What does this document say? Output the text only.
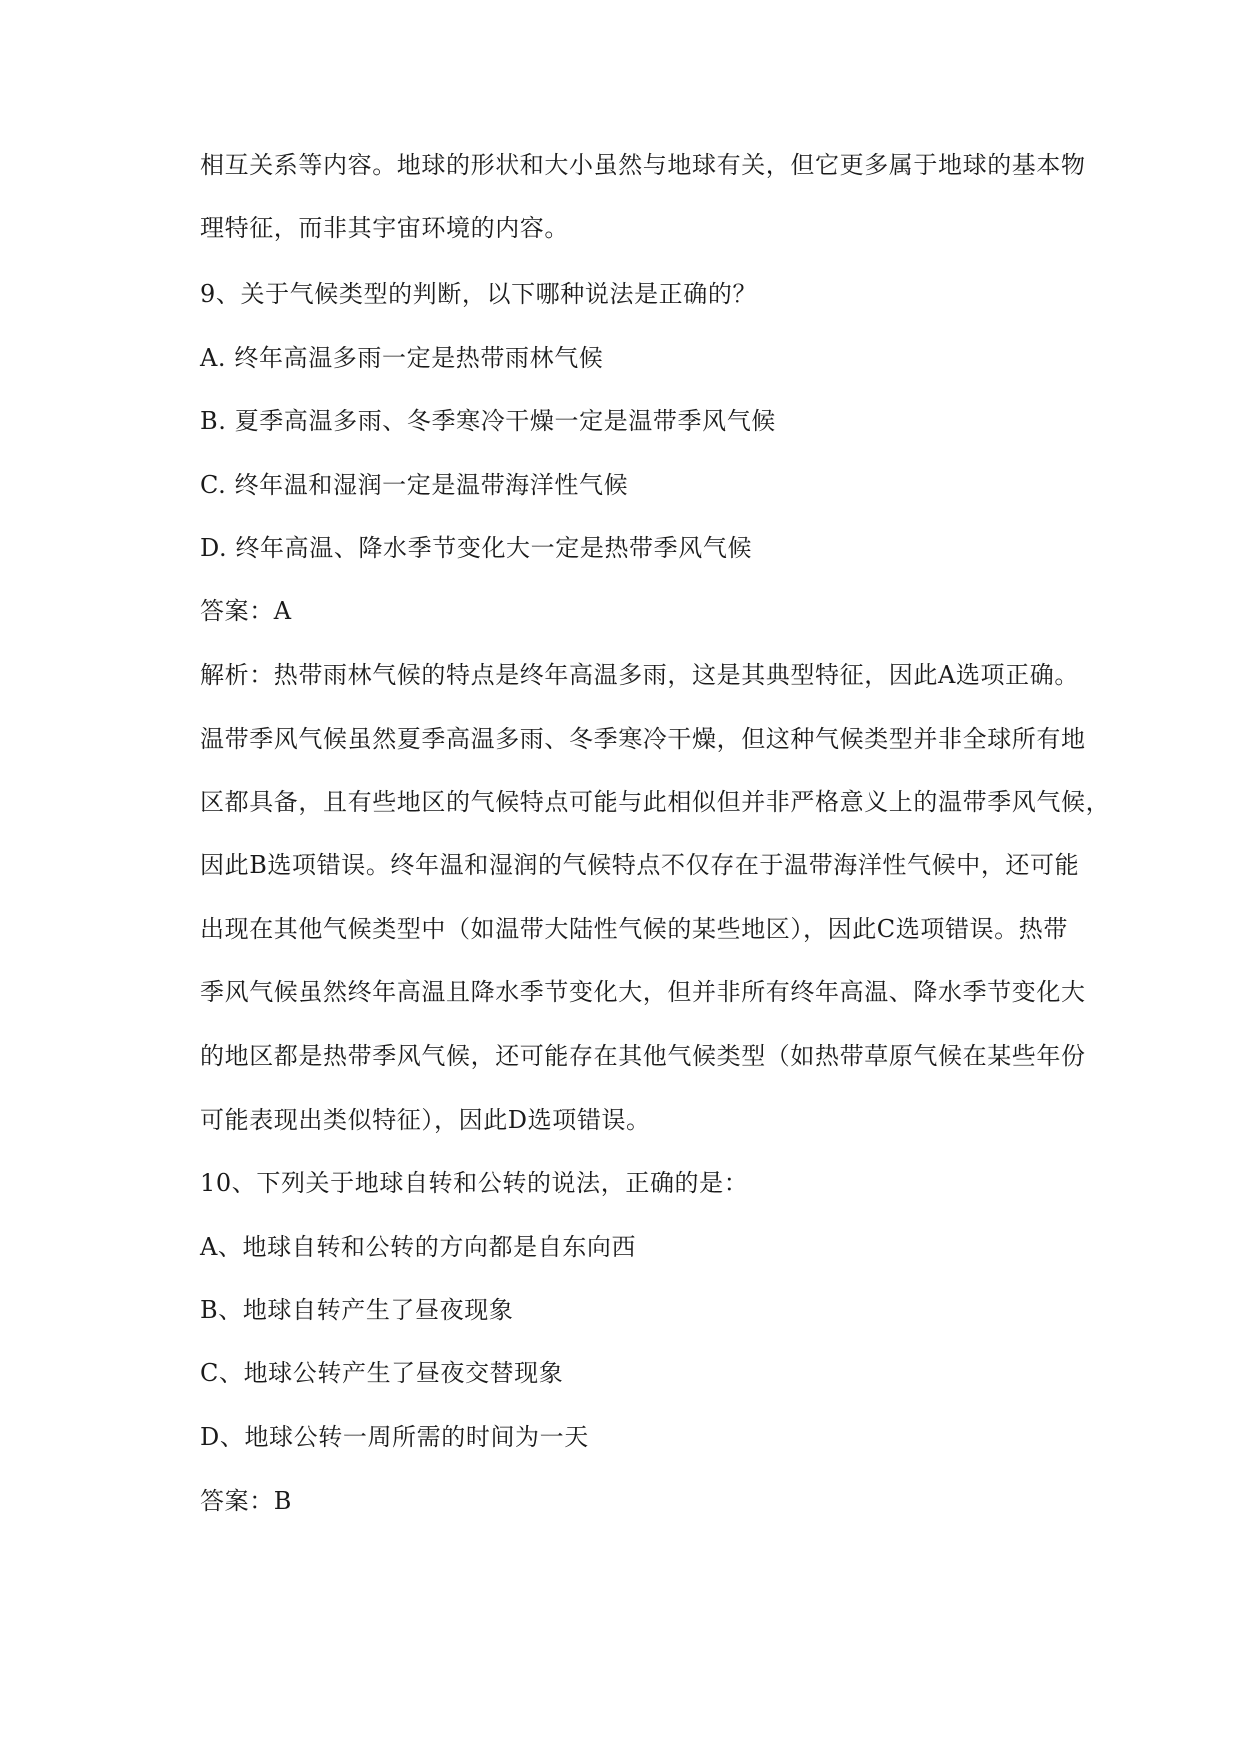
相互关系等内容。地球的形状和大小虽然与地球有关，但它更多属于地球的基本物
理特征，而非其宇宙环境的内容。
9、关于气候类型的判断，以下哪种说法是正确的？
A. 终年高温多雨一定是热带雨林气候
B. 夏季高温多雨、冬季寒冷干燥一定是温带季风气候
C. 终年温和湿润一定是温带海洋性气候
D. 终年高温、降水季节变化大一定是热带季风气候
答案：A
解析：热带雨林气候的特点是终年高温多雨，这是其典型特征，因此A选项正确。
温带季风气候虽然夏季高温多雨、冬季寒冷干燥，但这种气候类型并非全球所有地
区都具备，且有些地区的气候特点可能与此相似但并非严格意义上的温带季风气候，
因此B选项错误。终年温和湿润的气候特点不仅存在于温带海洋性气候中，还可能
出现在其他气候类型中（如温带大陆性气候的某些地区），因此C选项错误。热带
季风气候虽然终年高温且降水季节变化大，但并非所有终年高温、降水季节变化大
的地区都是热带季风气候，还可能存在其他气候类型（如热带草原气候在某些年份
可能表现出类似特征），因此D选项错误。
10、下列关于地球自转和公转的说法，正确的是：
A、地球自转和公转的方向都是自东向西
B、地球自转产生了昼夜现象
C、地球公转产生了昼夜交替现象
D、地球公转一周所需的时间为一天
答案：B
